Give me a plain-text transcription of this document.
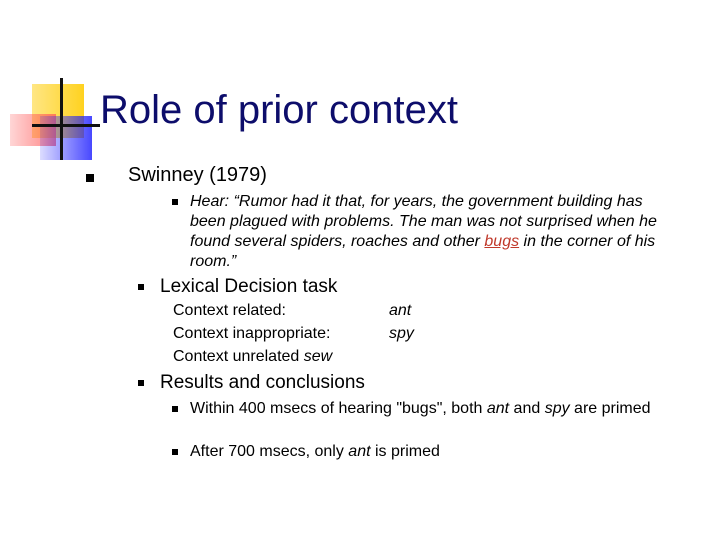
Role of prior context
Swinney (1979)
Hear: “Rumor had it that, for years, the government building has been plagued with problems. The man was not surprised when he found several spiders, roaches and other bugs in the corner of his room.”
Lexical Decision task
Context related:	ant
Context inappropriate:	spy
Context unrelated sew
Results and conclusions
Within 400 msecs of hearing "bugs", both ant and spy are primed
After 700 msecs, only ant is primed
